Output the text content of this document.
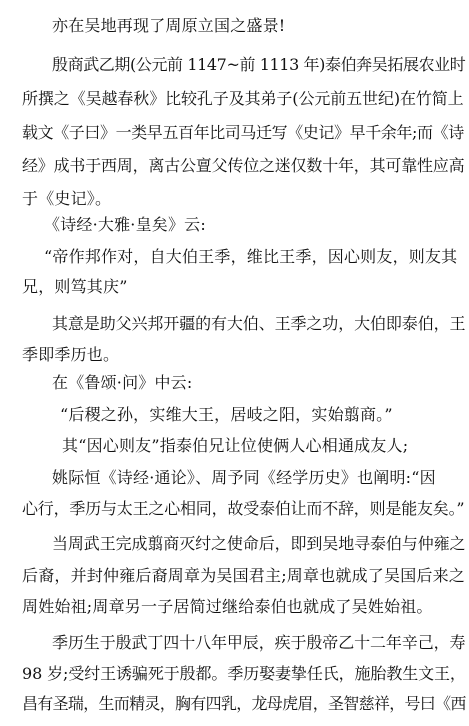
亦在吴地再现了周原立国之盛景!
殷商武乙期(公元前 1147~前 1113 年)泰伯奔吴拓展农业时
所撰之《吴越春秋》比较孔子及其弟子(公元前五世纪)在竹简上
载文《子曰》一类早五百年比司马迁写《史记》早千余年;而《诗
经》成书于西周，离古公亶父传位之迷仅数十年，其可靠性应高
于《史记》。
《诗经·大雅·皇矣》云:
“帝作邦作对，自大伯王季，维比王季，因心则友，则友其
兄，则笃其庆”
其意是助父兴邦开疆的有大伯、王季之功，大伯即泰伯，王
季即季历也。
在《鲁颂·问》中云:
“后稷之孙，实维大王，居岐之阳，实始翦商。”
其“因心则友”指泰伯兄让位使俩人心相通成友人;
姚际恒《诗经·通论》、周予同《经学历史》也阐明:“因
心行，季历与太王之心相同，故受泰伯让而不辞，则是能友矣。”
当周武王完成翦商灭纣之使命后，即到吴地寻泰伯与仲雍之
后裔，并封仲雍后裔周章为吴国君主;周章也就成了吴国后来之
周姓始祖;周章另一子居简过继给泰伯也就成了吴姓始祖。
季历生于殷武丁四十八年甲辰，疾于殷帝乙十二年辛己，寿
98 岁;受纣王诱骗死于殷都。季历娶妻挚任氏，施胎教生文王，
昌有圣瑞，生而精灵，胸有四乳，龙母虎眉，圣智慈祥，号曰《西
